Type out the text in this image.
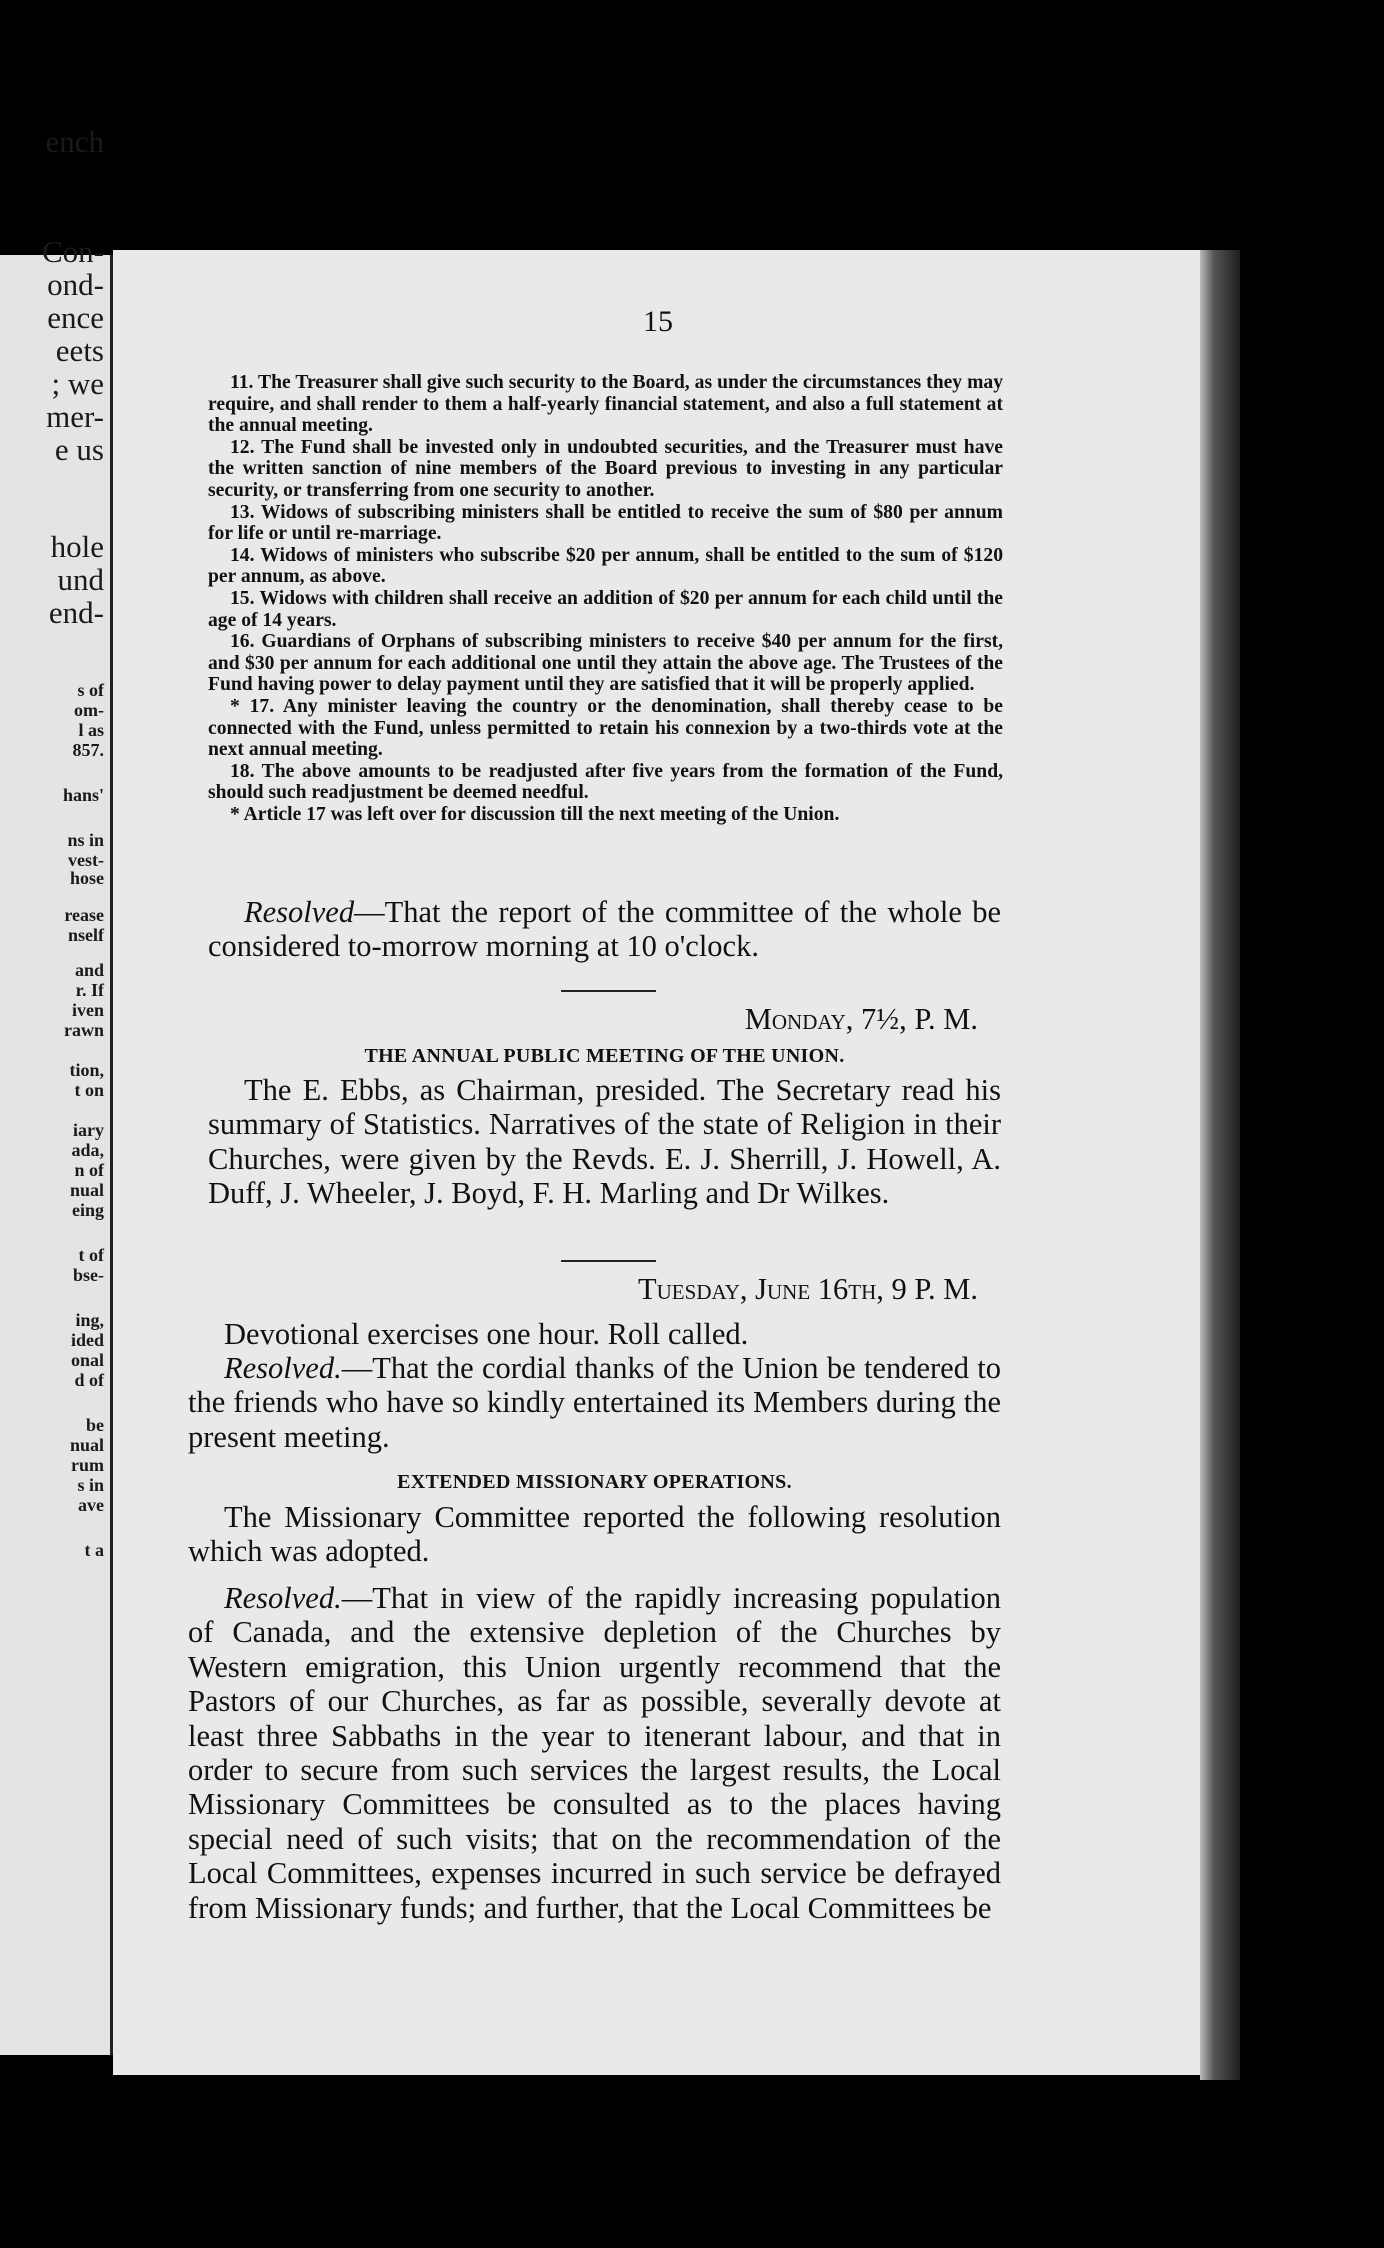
ench
Con-
ond-
ence
eets
; we
mer-
e us
hole
und
end-
s of
om-
l as
857.
hans'
ns in
vest-
hose
rease
nself
and
r. If
iven
rawn
tion,
t on
iary
ada,
n of
nual
eing
t of
bse-
ing,
ided
onal
d of
be
nual
rum
s in
ave
t a
15

11. The Treasurer shall give such security to the Board, as under the circumstances they may require, and shall render to them a half-yearly financial statement, and also a full statement at the annual meeting.

12. The Fund shall be invested only in undoubted securities, and the Treasurer must have the written sanction of nine members of the Board previous to investing in any particular security, or transferring from one security to another.

13. Widows of subscribing ministers shall be entitled to receive the sum of $80 per annum for life or until re-marriage.

14. Widows of ministers who subscribe $20 per annum, shall be entitled to the sum of $120 per annum, as above.

15. Widows with children shall receive an addition of $20 per annum for each child until the age of 14 years.

16. Guardians of Orphans of subscribing ministers to receive $40 per annum for the first, and $30 per annum for each additional one until they attain the above age. The Trustees of the Fund having power to delay payment until they are satisfied that it will be properly applied.

* 17. Any minister leaving the country or the denomination, shall thereby cease to be connected with the Fund, unless permitted to retain his connexion by a two-thirds vote at the next annual meeting.

18. The above amounts to be readjusted after five years from the formation of the Fund, should such readjustment be deemed needful.

* Article 17 was left over for discussion till the next meeting of the Union.

Resolved—That the report of the committee of the whole be considered to-morrow morning at 10 o'clock.

Monday, 7½, P. M.
THE ANNUAL PUBLIC MEETING OF THE UNION.

The E. Ebbs, as Chairman, presided. The Secretary read his summary of Statistics. Narratives of the state of Religion in their Churches, were given by the Revds. E. J. Sherrill, J. Howell, A. Duff, J. Wheeler, J. Boyd, F. H. Marling and Dr Wilkes.

Tuesday, June 16th, 9 P. M.

Devotional exercises one hour. Roll called.

Resolved.—That the cordial thanks of the Union be tendered to the friends who have so kindly entertained its Members during the present meeting.

EXTENDED MISSIONARY OPERATIONS.

The Missionary Committee reported the following resolution which was adopted.

Resolved.—That in view of the rapidly increasing population of Canada, and the extensive depletion of the Churches by Western emigration, this Union urgently recommend that the Pastors of our Churches, as far as possible, severally devote at least three Sabbaths in the year to itenerant labour, and that in order to secure from such services the largest results, the Local Missionary Committees be consulted as to the places having special need of such visits; that on the recommendation of the Local Committees, expenses incurred in such service be defrayed from Missionary funds; and further, that the Local Committees be
